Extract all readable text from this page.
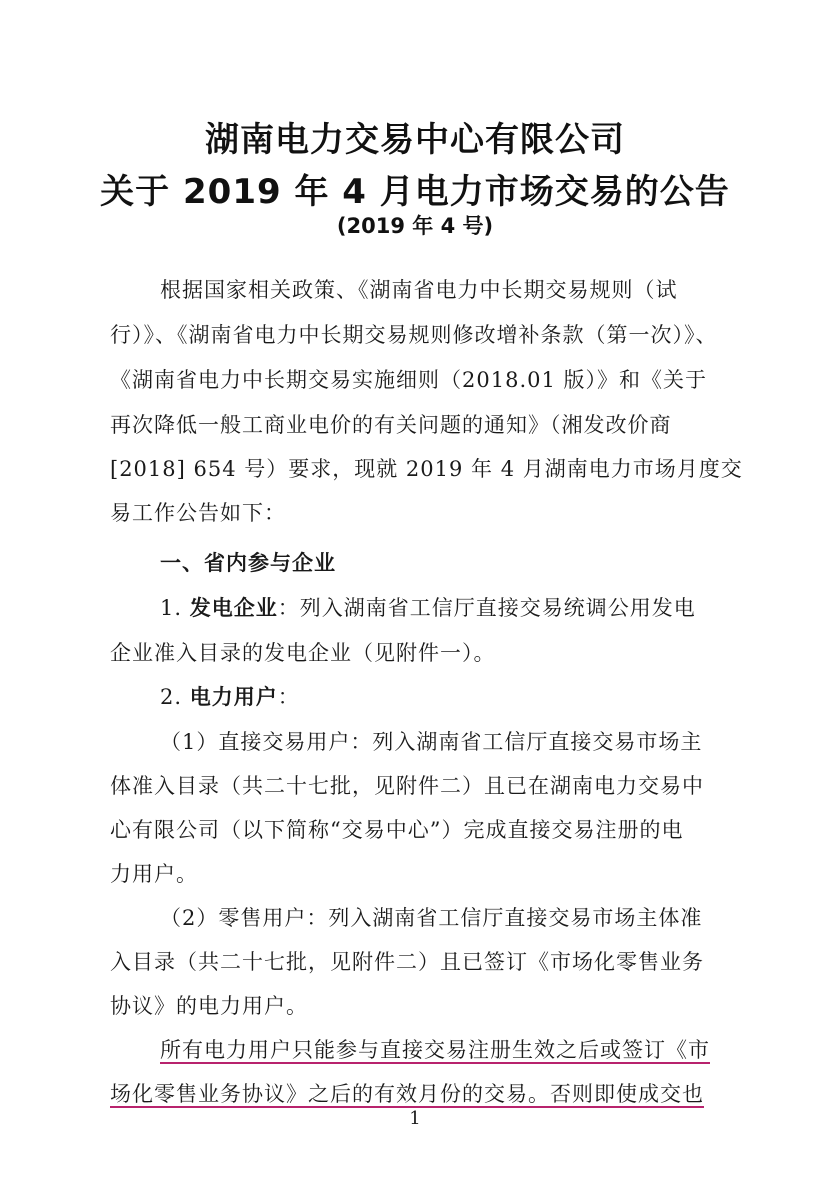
湖南电力交易中心有限公司
关于 2019 年 4 月电力市场交易的公告
(2019 年 4 号)
根据国家相关政策、《湖南省电力中长期交易规则（试
行）》、《湖南省电力中长期交易规则修改增补条款（第一次）》、
《湖南省电力中长期交易实施细则（2018.01 版）》和《关于
再次降低一般工商业电价的有关问题的通知》（湘发改价商
[2018] 654 号）要求，现就 2019 年 4 月湖南电力市场月度交
易工作公告如下：
一、省内参与企业
1. 发电企业：列入湖南省工信厅直接交易统调公用发电
企业准入目录的发电企业（见附件一）。
2. 电力用户：
（1）直接交易用户：列入湖南省工信厅直接交易市场主
体准入目录（共二十七批，见附件二）且已在湖南电力交易中
心有限公司（以下简称“交易中心”）完成直接交易注册的电
力用户。
（2）零售用户：列入湖南省工信厅直接交易市场主体准
入目录（共二十七批，见附件二）且已签订《市场化零售业务
协议》的电力用户。
所有电力用户只能参与直接交易注册生效之后或签订《市
场化零售业务协议》之后的有效月份的交易。否则即使成交也
1
